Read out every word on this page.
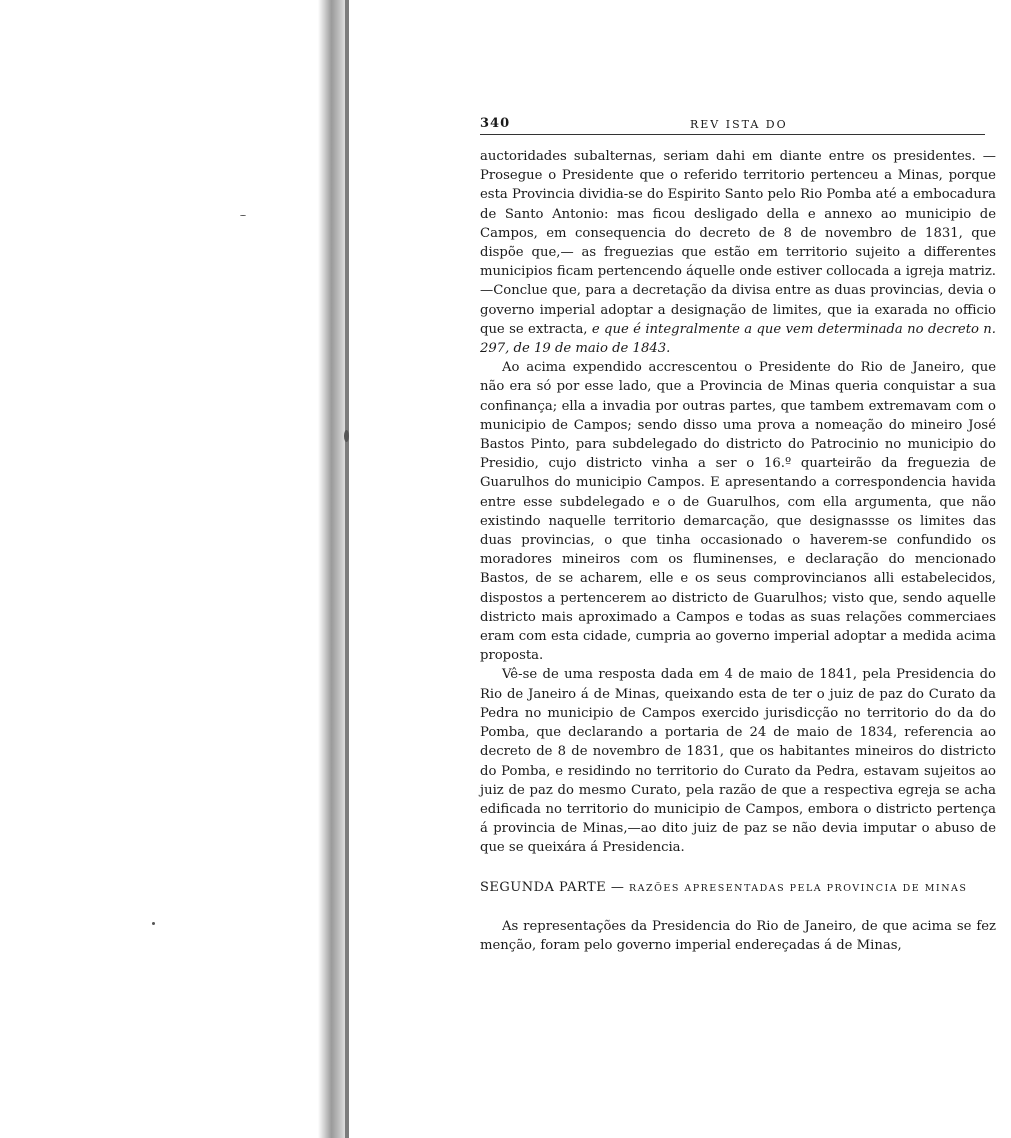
340	REV ISTA DO

auctoridades subalternas, seriam dahi em diante entre os presidentes. — Prosegue o Presidente que o referido territorio pertenceu a Minas, porque esta Provincia dividia-se do Espirito Santo pelo Rio Pomba até a embocadura de Santo Antonio: mas ficou desligado della e annexo ao municipio de Campos, em consequencia do decreto de 8 de novembro de 1831, que dispõe que,— as freguezias que estão em territorio sujeito a differentes municipios ficam pertencendo áquelle onde estiver collocada a igreja matriz.—Conclue que, para a decretação da divisa entre as duas provincias, devia o governo imperial adoptar a designação de limites, que ia exarada no officio que se extracta, e que é integralmente a que vem determinada no decreto n. 297, de 19 de maio de 1843.

Ao acima expendido accrescentou o Presidente do Rio de Janeiro, que não era só por esse lado, que a Provincia de Minas queria conquistar a sua confinança; ella a invadia por outras partes, que tambem extremavam com o municipio de Campos; sendo disso uma prova a nomeação do mineiro José Bastos Pinto, para subdelegado do districto do Patrocinio no municipio do Presidio, cujo districto vinha a ser o 16.º quarteirão da freguezia de Guarulhos do municipio Campos. E apresentando a correspondencia havida entre esse subdelegado e o de Guarulhos, com ella argumenta, que não existindo naquelle territorio demarcação, que designassse os limites das duas provincias, o que tinha occasionado o haverem-se confundido os moradores mineiros com os fluminenses, e declaração do mencionado Bastos, de se acharem, elle e os seus comprovincianos alli estabelecidos, dispostos a pertencerem ao districto de Guarulhos; visto que, sendo aquelle districto mais aproximado a Campos e todas as suas relações commerciaes eram com esta cidade, cumpria ao governo imperial adoptar a medida acima proposta.

Vê-se de uma resposta dada em 4 de maio de 1841, pela Presidencia do Rio de Janeiro á de Minas, queixando esta de ter o juiz de paz do Curato da Pedra no municipio de Campos exercido jurisdicção no territorio do da do Pomba, que declarando a portaria de 24 de maio de 1834, referencia ao decreto de 8 de novembro de 1831, que os habitantes mineiros do districto do Pomba, e residindo no territorio do Curato da Pedra, estavam sujeitos ao juiz de paz do mesmo Curato, pela razão de que a respectiva egreja se acha edificada no territorio do municipio de Campos, embora o districto pertença á provincia de Minas,—ao dito juiz de paz se não devia imputar o abuso de que se queixára á Presidencia.

SEGUNDA PARTE — RAZÕES APRESENTADAS PELA PROVINCIA DE MINAS

As representações da Presidencia do Rio de Janeiro, de que acima se fez menção, foram pelo governo imperial endereçadas á de Minas,
